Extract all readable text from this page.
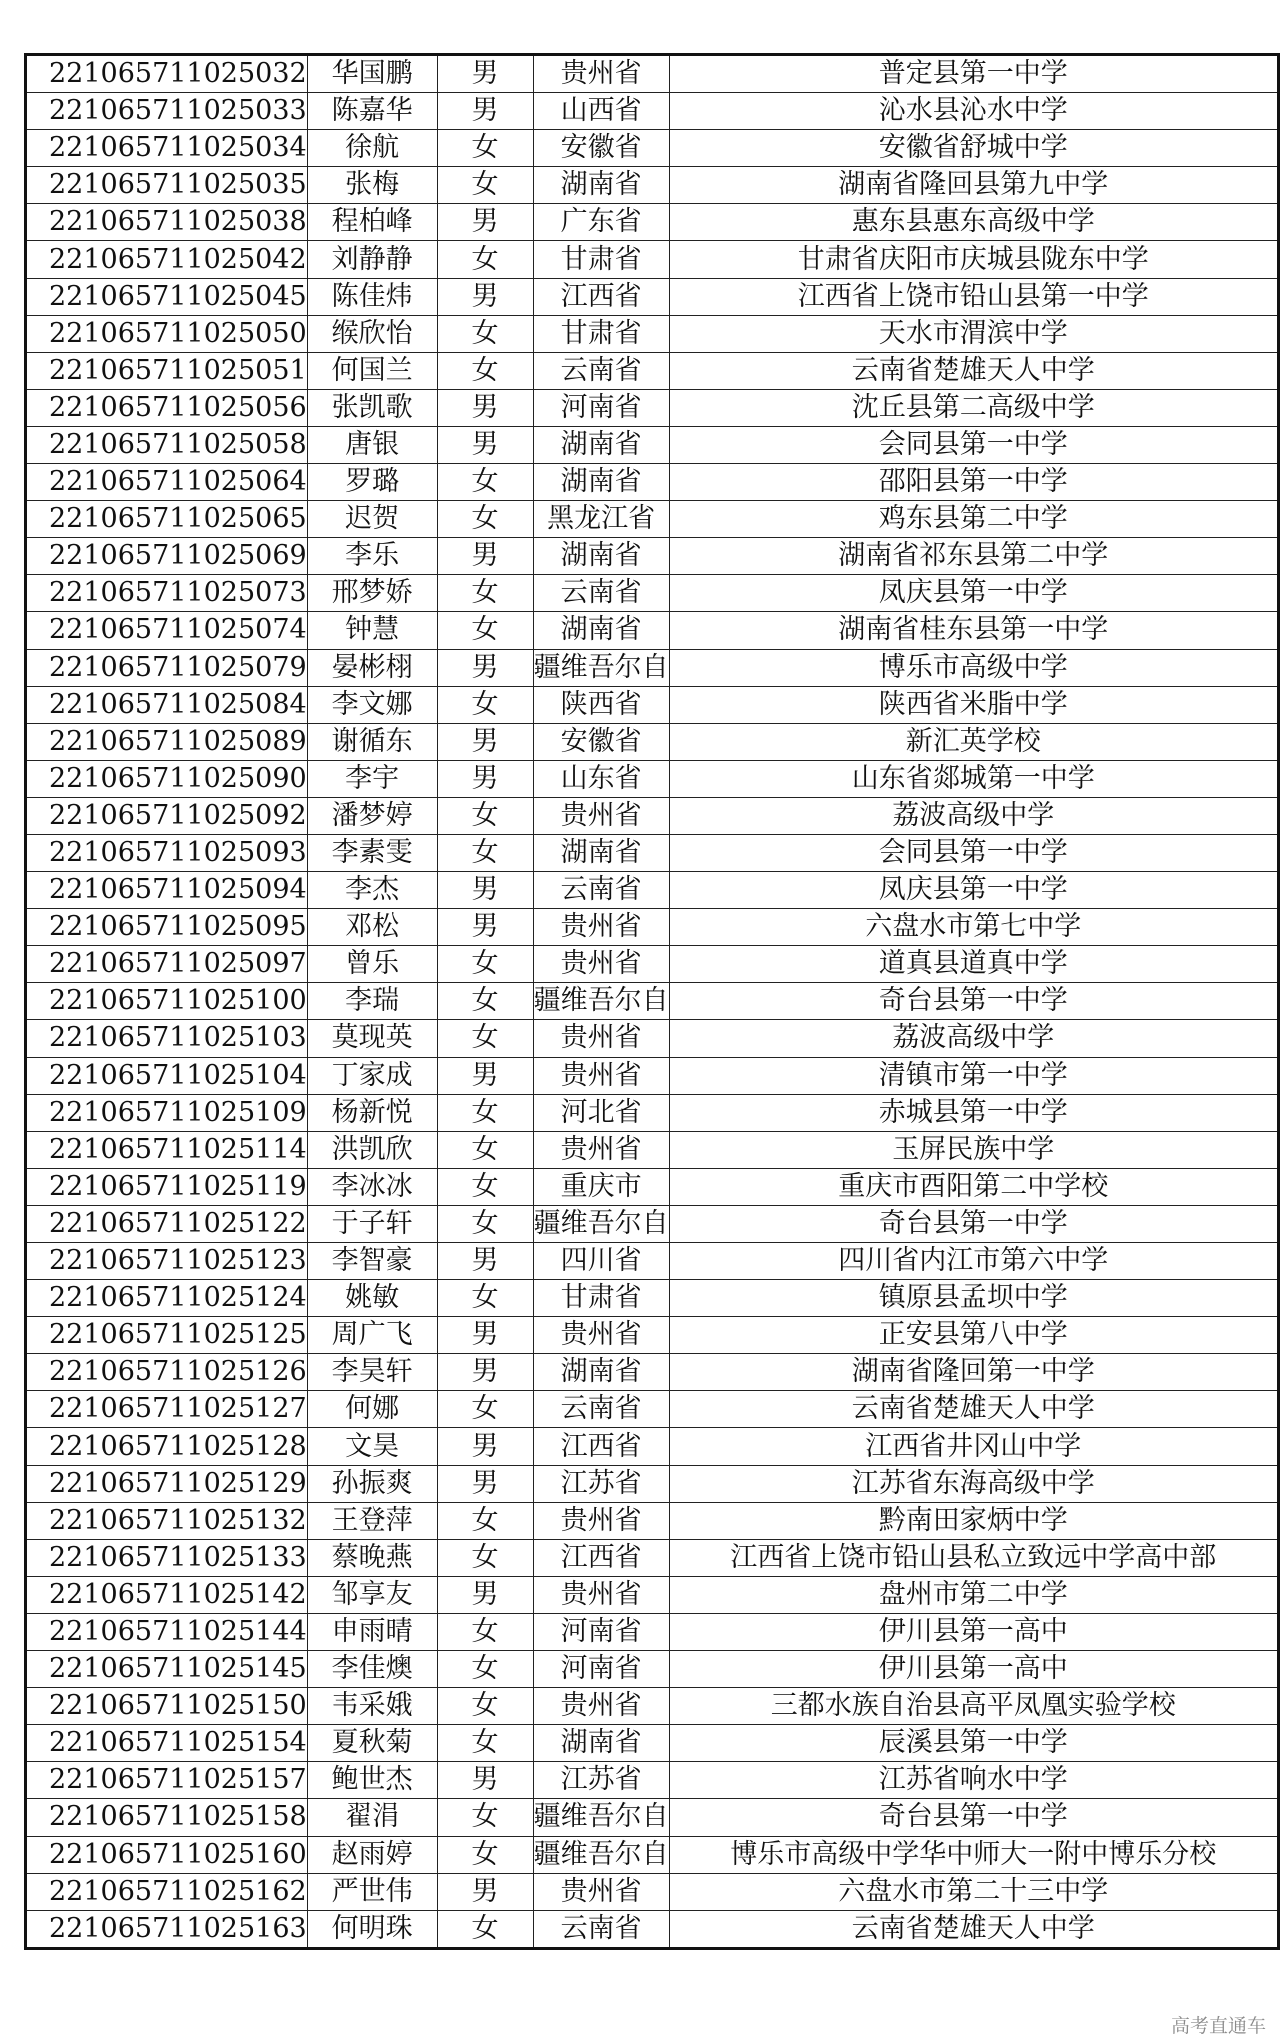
221065711025032	华国鹏	男	贵州省	普定县第一中学
221065711025033	陈嘉华	男	山西省	沁水县沁水中学
221065711025034	徐航	女	安徽省	安徽省舒城中学
221065711025035	张梅	女	湖南省	湖南省隆回县第九中学
221065711025038	程柏峰	男	广东省	惠东县惠东高级中学
221065711025042	刘静静	女	甘肃省	甘肃省庆阳市庆城县陇东中学
221065711025045	陈佳炜	男	江西省	江西省上饶市铅山县第一中学
221065711025050	缑欣怡	女	甘肃省	天水市渭滨中学
221065711025051	何国兰	女	云南省	云南省楚雄天人中学
221065711025056	张凯歌	男	河南省	沈丘县第二高级中学
221065711025058	唐银	男	湖南省	会同县第一中学
221065711025064	罗璐	女	湖南省	邵阳县第一中学
221065711025065	迟贺	女	黑龙江省	鸡东县第二中学
221065711025069	李乐	男	湖南省	湖南省祁东县第二中学
221065711025073	邢梦娇	女	云南省	凤庆县第一中学
221065711025074	钟慧	女	湖南省	湖南省桂东县第一中学
221065711025079	晏彬栩	男	疆维吾尔自	博乐市高级中学
221065711025084	李文娜	女	陕西省	陕西省米脂中学
221065711025089	谢循东	男	安徽省	新汇英学校
221065711025090	李宇	男	山东省	山东省郯城第一中学
221065711025092	潘梦婷	女	贵州省	荔波高级中学
221065711025093	李素雯	女	湖南省	会同县第一中学
221065711025094	李杰	男	云南省	凤庆县第一中学
221065711025095	邓松	男	贵州省	六盘水市第七中学
221065711025097	曾乐	女	贵州省	道真县道真中学
221065711025100	李瑞	女	疆维吾尔自	奇台县第一中学
221065711025103	莫现英	女	贵州省	荔波高级中学
221065711025104	丁家成	男	贵州省	清镇市第一中学
221065711025109	杨新悦	女	河北省	赤城县第一中学
221065711025114	洪凯欣	女	贵州省	玉屏民族中学
221065711025119	李冰冰	女	重庆市	重庆市酉阳第二中学校
221065711025122	于子轩	女	疆维吾尔自	奇台县第一中学
221065711025123	李智豪	男	四川省	四川省内江市第六中学
221065711025124	姚敏	女	甘肃省	镇原县孟坝中学
221065711025125	周广飞	男	贵州省	正安县第八中学
221065711025126	李昊轩	男	湖南省	湖南省隆回第一中学
221065711025127	何娜	女	云南省	云南省楚雄天人中学
221065711025128	文昊	男	江西省	江西省井冈山中学
221065711025129	孙振爽	男	江苏省	江苏省东海高级中学
221065711025132	王登萍	女	贵州省	黔南田家炳中学
221065711025133	蔡晚燕	女	江西省	江西省上饶市铅山县私立致远中学高中部
221065711025142	邹享友	男	贵州省	盘州市第二中学
221065711025144	申雨晴	女	河南省	伊川县第一高中
221065711025145	李佳燠	女	河南省	伊川县第一高中
221065711025150	韦采娥	女	贵州省	三都水族自治县高平凤凰实验学校
221065711025154	夏秋菊	女	湖南省	辰溪县第一中学
221065711025157	鲍世杰	男	江苏省	江苏省响水中学
221065711025158	翟涓	女	疆维吾尔自	奇台县第一中学
221065711025160	赵雨婷	女	疆维吾尔自	博乐市高级中学华中师大一附中博乐分校
221065711025162	严世伟	男	贵州省	六盘水市第二十三中学
221065711025163	何明珠	女	云南省	云南省楚雄天人中学
高考直通车
